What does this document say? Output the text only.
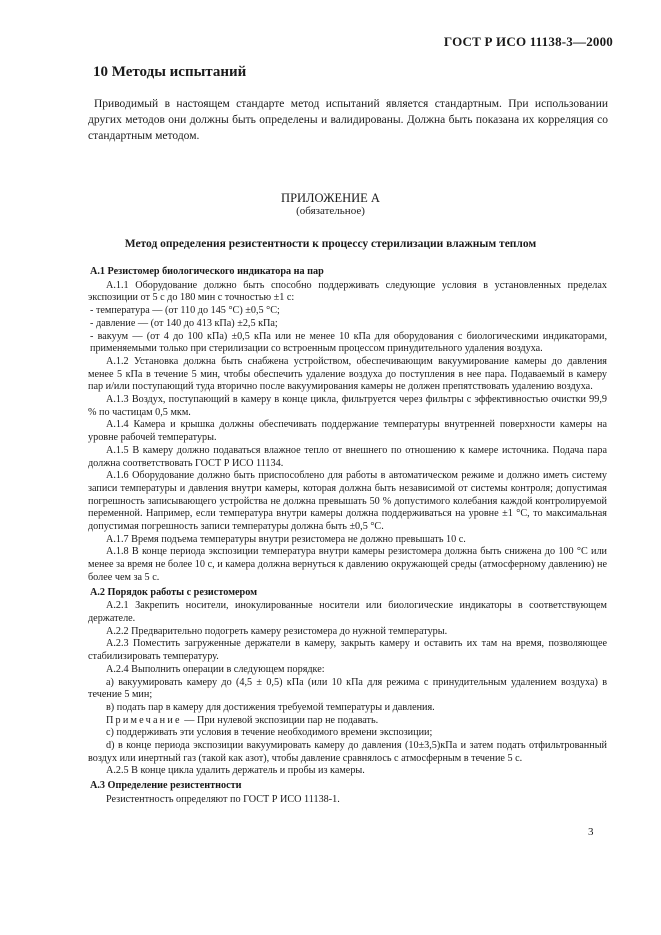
ГОСТ Р ИСО 11138-3—2000
10 Методы испытаний

Приводимый в настоящем стандарте метод испытаний является стандартным. При использовании других методов они должны быть определены и валидированы. Должна быть показана их корреляция со стандартным методом.

ПРИЛОЖЕНИЕ А
(обязательное)
Метод определения резистентности к процессу стерилизации влажным теплом

А.1 Резистомер биологического индикатора на пар

А.1.1 Оборудование должно быть способно поддерживать следующие условия в установленных пределах экспозиции от 5 с до 180 мин с точностью ±1 с:

- температура — (от 110 до 145 °С) ±0,5 °С;

- давление — (от 140 до 413 кПа) ±2,5 кПа;

- вакуум — (от 4 до 100 кПа) ±0,5 кПа или не менее 10 кПа для оборудования с биологическими индикаторами, применяемыми только при стерилизации со встроенным процессом принудительного удаления воздуха.

А.1.2 Установка должна быть снабжена устройством, обеспечивающим вакуумирование камеры до давления менее 5 кПа в течение 5 мин, чтобы обеспечить удаление воздуха до поступления в нее пара. Подаваемый в камеру пар и/или поступающий туда вторично после вакуумирования камеры не должен препятствовать удалению воздуха.

А.1.3 Воздух, поступающий в камеру в конце цикла, фильтруется через фильтры с эффективностью очистки 99,9 % по частицам 0,5 мкм.

А.1.4 Камера и крышка должны обеспечивать поддержание температуры внутренней поверхности камеры на уровне рабочей температуры.

А.1.5 В камеру должно подаваться влажное тепло от внешнего по отношению к камере источника. Подача пара должна соответствовать ГОСТ Р ИСО 11134.

А.1.6 Оборудование должно быть приспособлено для работы в автоматическом режиме и должно иметь систему записи температуры и давления внутри камеры, которая должна быть независимой от системы контроля; допустимая погрешность записывающего устройства не должна превышать 50 % допустимого колебания каждой контролируемой переменной. Например, если температура внутри камеры должна поддерживаться на уровне ±1 °С, то максимальная допустимая погрешность записи температуры должна быть ±0,5 °С.

А.1.7 Время подъема температуры внутри резистомера не должно превышать 10 с.

А.1.8 В конце периода экспозиции температура внутри камеры резистомера должна быть снижена до 100 °С или менее за время не более 10 с, и камера должна вернуться к давлению окружающей среды (атмосферному давлению) не более чем за 5 с.

А.2 Порядок работы с резистомером

А.2.1 Закрепить носители, инокулированные носители или биологические индикаторы в соответствующем держателе.

А.2.2 Предварительно подогреть камеру резистомера до нужной температуры.

А.2.3 Поместить загруженные держатели в камеру, закрыть камеру и оставить их там на время, позволяющее стабилизировать температуру.

А.2.4 Выполнить операции в следующем порядке:

а) вакуумировать камеру до (4,5 ± 0,5) кПа (или 10 кПа для режима с принудительным удалением воздуха) в течение 5 мин;

в) подать пар в камеру для достижения требуемой температуры и давления.

Примечание — При нулевой экспозиции пар не подавать.

с) поддерживать эти условия в течение необходимого времени экспозиции;

d) в конце периода экспозиции вакуумировать камеру до давления (10±3,5)кПа и затем подать отфильтрованный воздух или инертный газ (такой как азот), чтобы давление сравнялось с атмосферным в течение 5 с.

А.2.5 В конце цикла удалить держатель и пробы из камеры.

А.3 Определение резистентности

Резистентность определяют по ГОСТ Р ИСО 11138-1.

3
